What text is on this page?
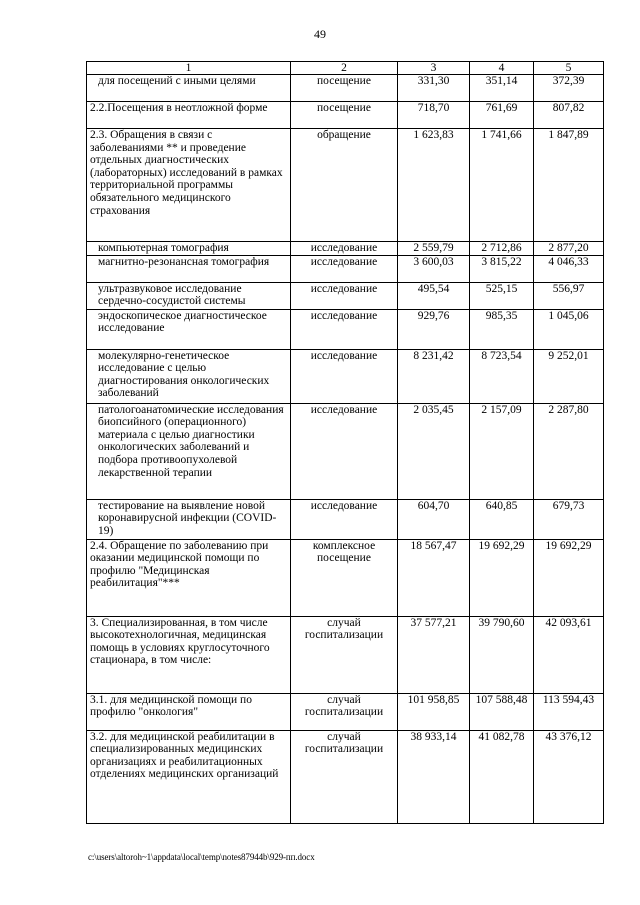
49
1	2	3	4	5

для посещений с иными целями	посещение	331,30	351,14	372,39

2.2.Посещения в неотложной форме	посещение	718,70	761,69	807,82

2.3. Обращения в связи с заболеваниями ** и проведение отдельных диагностических (лабораторных) исследований в рамках территориальной программы обязательного медицинского страхования	обращение	1 623,83	1 741,66	1 847,89

компьютерная томография	исследование	2 559,79	2 712,86	2 877,20

магнитно-резонансная томография	исследование	3 600,03	3 815,22	4 046,33

ультразвуковое исследование сердечно-сосудистой системы	исследование	495,54	525,15	556,97

эндоскопическое диагностическое исследование	исследование	929,76	985,35	1 045,06

молекулярно-генетическое исследование с целью диагностирования онкологических заболеваний	исследование	8 231,42	8 723,54	9 252,01

патологоанатомические исследования биопсийного (операционного) материала с целью диагностики онкологических заболеваний и подбора противоопухолевой лекарственной терапии	исследование	2 035,45	2 157,09	2 287,80

тестирование на выявление новой коронавирусной инфекции (COVID-19)	исследование	604,70	640,85	679,73

2.4. Обращение по заболеванию при оказании медицинской помощи по профилю "Медицинская реабилитация"***	комплексное посещение	18 567,47	19 692,29	19 692,29

3. Специализированная, в том числе высокотехнологичная, медицинская помощь в условиях круглосуточного стационара, в том числе:	случай госпитализации	37 577,21	39 790,60	42 093,61

3.1. для медицинской помощи по профилю "онкология"	случай госпитализации	101 958,85	107 588,48	113 594,43

3.2. для медицинской реабилитации в специализированных медицинских организациях и реабилитационных отделениях медицинских организаций	случай госпитализации	38 933,14	41 082,78	43 376,12
c:\users\altoroh~1\appdata\local\temp\notes87944b\929-пп.docx
